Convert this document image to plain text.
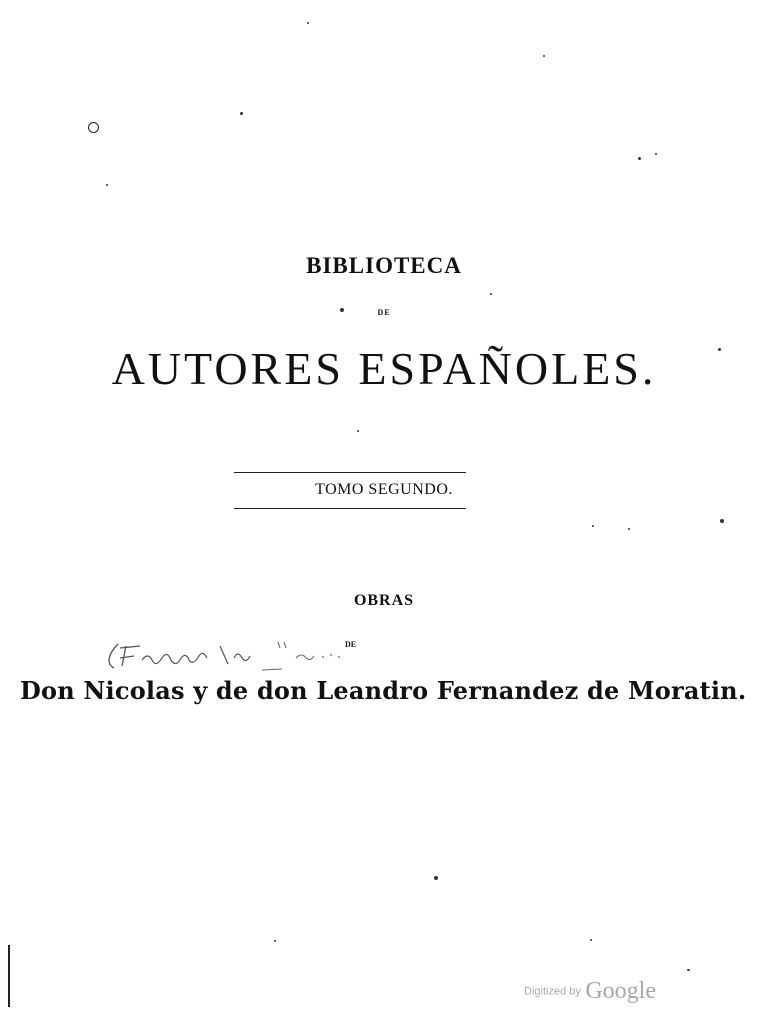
BIBLIOTECA
DE
AUTORES ESPAÑOLES.
TOMO SEGUNDO.
OBRAS
DE
Don Nicolas y de don Leandro Fernandez de Moratin.
Digitized by Google
